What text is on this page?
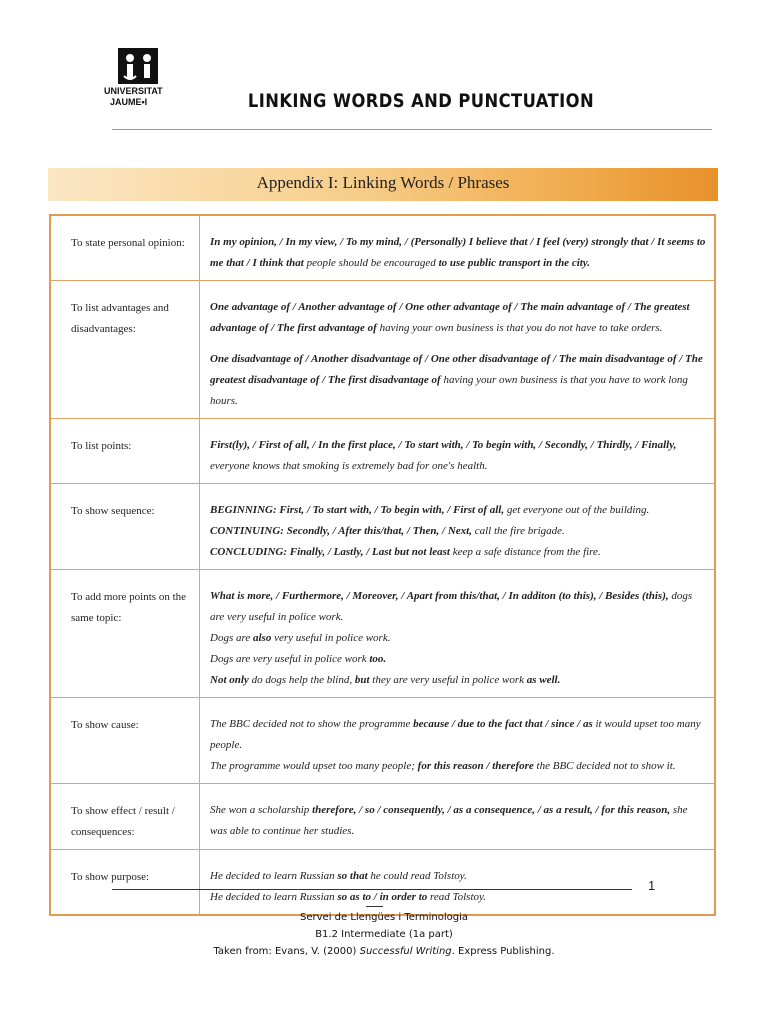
UNIVERSITAT
JAUME•I	LINKING WORDS AND PUNCTUATION
Appendix I: Linking Words / Phrases
To state personal opinion:	In my opinion, / In my view, / To my mind, / (Personally) I believe that / I feel (very) strongly that / It seems to me that / I think that people should be encouraged to use public transport in the city.

To list advantages and disadvantages:	One advantage of / Another advantage of / One other advantage of / The main advantage of / The greatest advantage of / The first advantage of having your own business is that you do not have to take orders.

One disadvantage of / Another disadvantage of / One other disadvantage of / The main disadvantage of / The greatest disadvantage of / The first disadvantage of having your own business is that you have to work long hours.

To list points:	First(ly), / First of all, / In the first place, / To start with, / To begin with, / Secondly, / Thirdly, / Finally, everyone knows that smoking is extremely bad for one's health.

To show sequence:	BEGINNING: First, / To start with, / To begin with, / First of all, get everyone out of the building.

CONTINUING: Secondly, / After this/that, / Then, / Next, call the fire brigade.

CONCLUDING: Finally, / Lastly, / Last but not least keep a safe distance from the fire.

To add more points on the same topic:	What is more, / Furthermore, / Moreover, / Apart from this/that, / In additon (to this), / Besides (this), dogs are very useful in police work.

Dogs are also very useful in police work.

Dogs are very useful in police work too.

Not only do dogs help the blind, but they are very useful in police work as well.

To show cause:	The BBC decided not to show the programme because / due to the fact that / since / as it would upset too many people.

The programme would upset too many people; for this reason / therefore the BBC decided not to show it.

To show effect / result / consequences:	She won a scholarship therefore, / so / consequently, / as a consequence, / as a result, / for this reason, she was able to continue her studies.

To show purpose:	He decided to learn Russian so that he could read Tolstoy.

He decided to learn Russian so as to / in order to read Tolstoy.

1
Servei de Llengües i Terminologia
B1.2 Intermediate (1a part)
Taken from: Evans, V. (2000) Successful Writing. Express Publishing.
